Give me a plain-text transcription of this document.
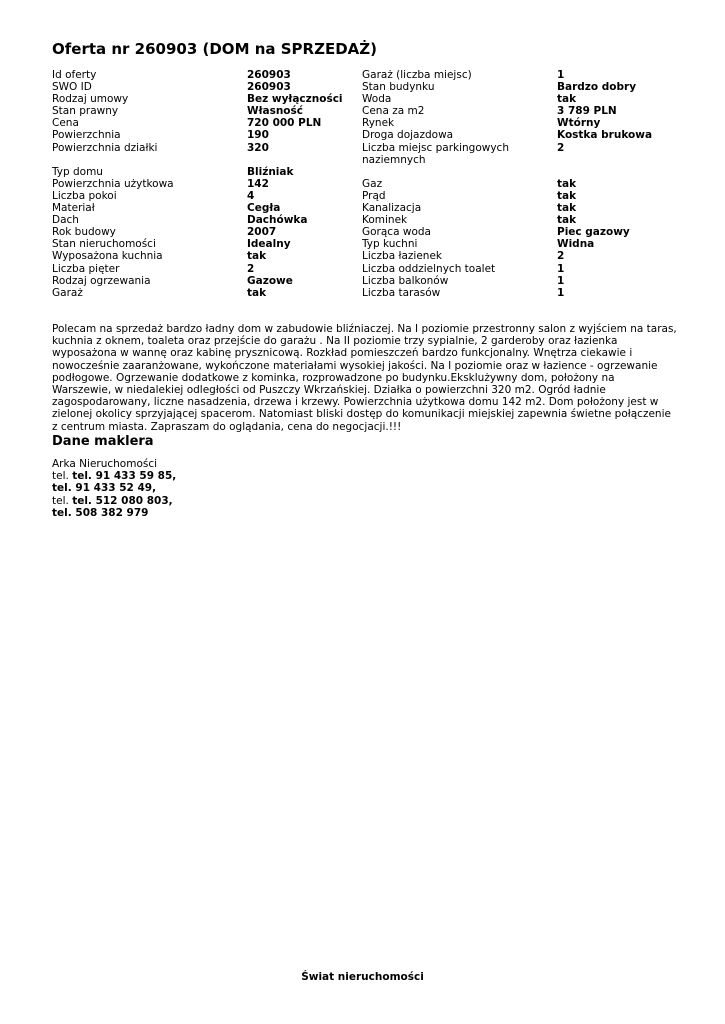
Oferta nr 260903 (DOM na SPRZEDAŻ)
Id oferty	260903	Garaż (liczba miejsc)	1
SWO ID	260903	Stan budynku	Bardzo dobry
Rodzaj umowy	Bez wyłączności	Woda	tak
Stan prawny	Własność	Cena za m2	3 789 PLN
Cena	720 000 PLN	Rynek	Wtórny
Powierzchnia	190	Droga dojazdowa	Kostka brukowa
Powierzchnia działki	320	Liczba miejsc parkingowych naziemnych	2
Typ domu	Bliźniak		
Powierzchnia użytkowa	142	Gaz	tak
Liczba pokoi	4	Prąd	tak
Materiał	Cegła	Kanalizacja	tak
Dach	Dachówka	Kominek	tak
Rok budowy	2007	Gorąca woda	Piec gazowy
Stan nieruchomości	Idealny	Typ kuchni	Widna
Wyposażona kuchnia	tak	Liczba łazienek	2
Liczba pięter	2	Liczba oddzielnych toalet	1
Rodzaj ogrzewania	Gazowe	Liczba balkonów	1
Garaż	tak	Liczba tarasów	1

Polecam na sprzedaż bardzo ładny dom w zabudowie bliźniaczej. Na I poziomie przestronny salon z wyjściem na taras, kuchnia z oknem, toaleta oraz przejście do garażu . Na II poziomie trzy sypialnie, 2 garderoby oraz łazienka wyposażona w wannę oraz kabinę prysznicową. Rozkład pomieszczeń bardzo funkcjonalny. Wnętrza ciekawie i nowocześnie zaaranżowane, wykończone materiałami wysokiej jakości. Na I poziomie oraz w łazience - ogrzewanie podłogowe. Ogrzewanie dodatkowe z kominka, rozprowadzone po budynku.Eksklużywny dom, położony na Warszewie, w niedalekiej odległości od Puszczy Wkrzańskiej. Działka o powierzchni 320 m2. Ogród ładnie zagospodarowany, liczne nasadzenia, drzewa i krzewy. Powierzchnia użytkowa domu 142 m2. Dom położony jest w zielonej okolicy sprzyjającej spacerom. Natomiast bliski dostęp do komunikacji miejskiej zapewnia świetne połączenie z centrum miasta. Zapraszam do oglądania, cena do negocjacji.!!!

Dane maklera
Arka Nieruchomości
tel. tel. 91 433 59 85,
tel. 91 433 52 49,
tel. tel. 512 080 803,
tel. 508 382 979
Świat nieruchomości
